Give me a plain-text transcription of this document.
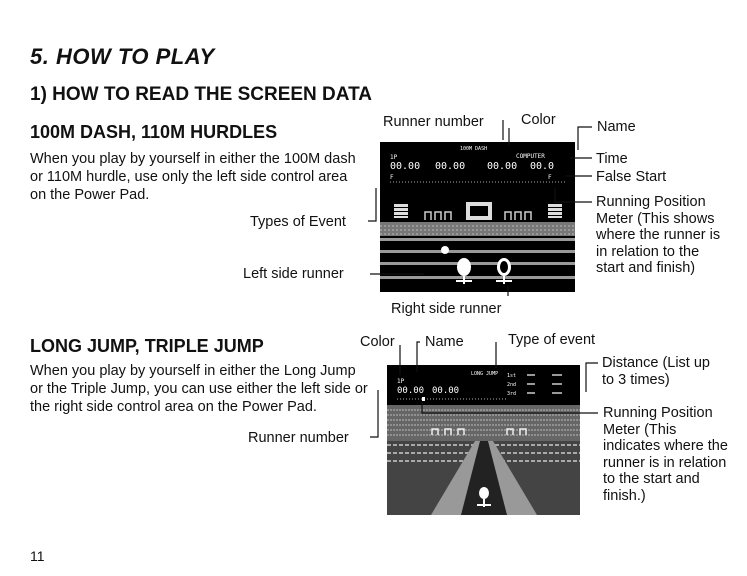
5. HOW TO PLAY
1) HOW TO READ THE SCREEN DATA
100M DASH, 110M HURDLES
When you play by yourself in either the 100M dash or 110M hurdle, use only the left side control area on the Power Pad.
Runner number	Color	Name
Time
False Start
Running Position Meter (This shows where the runner is in relation to the start and finish)
Types of Event
Left side runner
Right side runner
100M DASH
COMPUTER
1P
00.00 00.00 00.00 00.0
F	F
LONG JUMP, TRIPLE JUMP
When you play by yourself in either the Long Jump or the Triple Jump, you can use either the left side or the right side control area on the Power Pad.
Color Name	Type of event
Distance (List up to 3 times)
Running Position Meter (This indicates where the runner is in relation to the start and finish.)
Runner number
LONG JUMP
1P
00.00 00.00
1st
2nd
3rd
11
